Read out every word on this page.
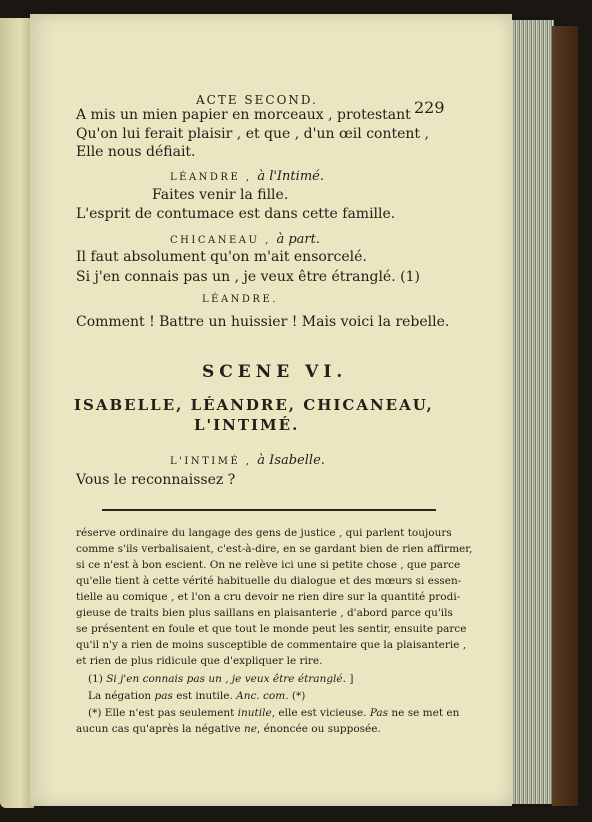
ACTE SECOND.	229
A mis un mien papier en morceaux , protestant
Qu'on lui ferait plaisir , et que , d'un œil content ,
Elle nous défiait.
LÉANDRE , à l'Intimé.
Faites venir la fille.
L'esprit de contumace est dans cette famille.
CHICANEAU , à part.
Il faut absolument qu'on m'ait ensorcelé.
Si j'en connais pas un , je veux être étranglé. (1)
LÉANDRE.
Comment ! Battre un huissier ! Mais voici la rebelle.
SCENE VI.
ISABELLE, LÉANDRE, CHICANEAU,
L'INTIMÉ.
L'INTIMÉ , à Isabelle.
Vous le reconnaissez ?
réserve ordinaire du langage des gens de justice , qui parlent toujours
comme s'ils verbalisaient, c'est-à-dire, en se gardant bien de rien affirmer,
si ce n'est à bon escient. On ne relève ici une si petite chose , que parce
qu'elle tient à cette vérité habituelle du dialogue et des mœurs si essen-
tielle au comique , et l'on a cru devoir ne rien dire sur la quantité prodi-
gieuse de traits bien plus saillans en plaisanterie , d'abord parce qu'ils
se présentent en foule et que tout le monde peut les sentir, ensuite parce
qu'il n'y a rien de moins susceptible de commentaire que la plaisanterie ,
et rien de plus ridicule que d'expliquer le rire.
(1) Si j'en connais pas un , je veux être étranglé. ]
La négation pas est inutile. Anc. com. (*)
(*) Elle n'est pas seulement inutile, elle est vicieuse. Pas ne se met en
aucun cas qu'après la négative ne, énoncée ou supposée.
